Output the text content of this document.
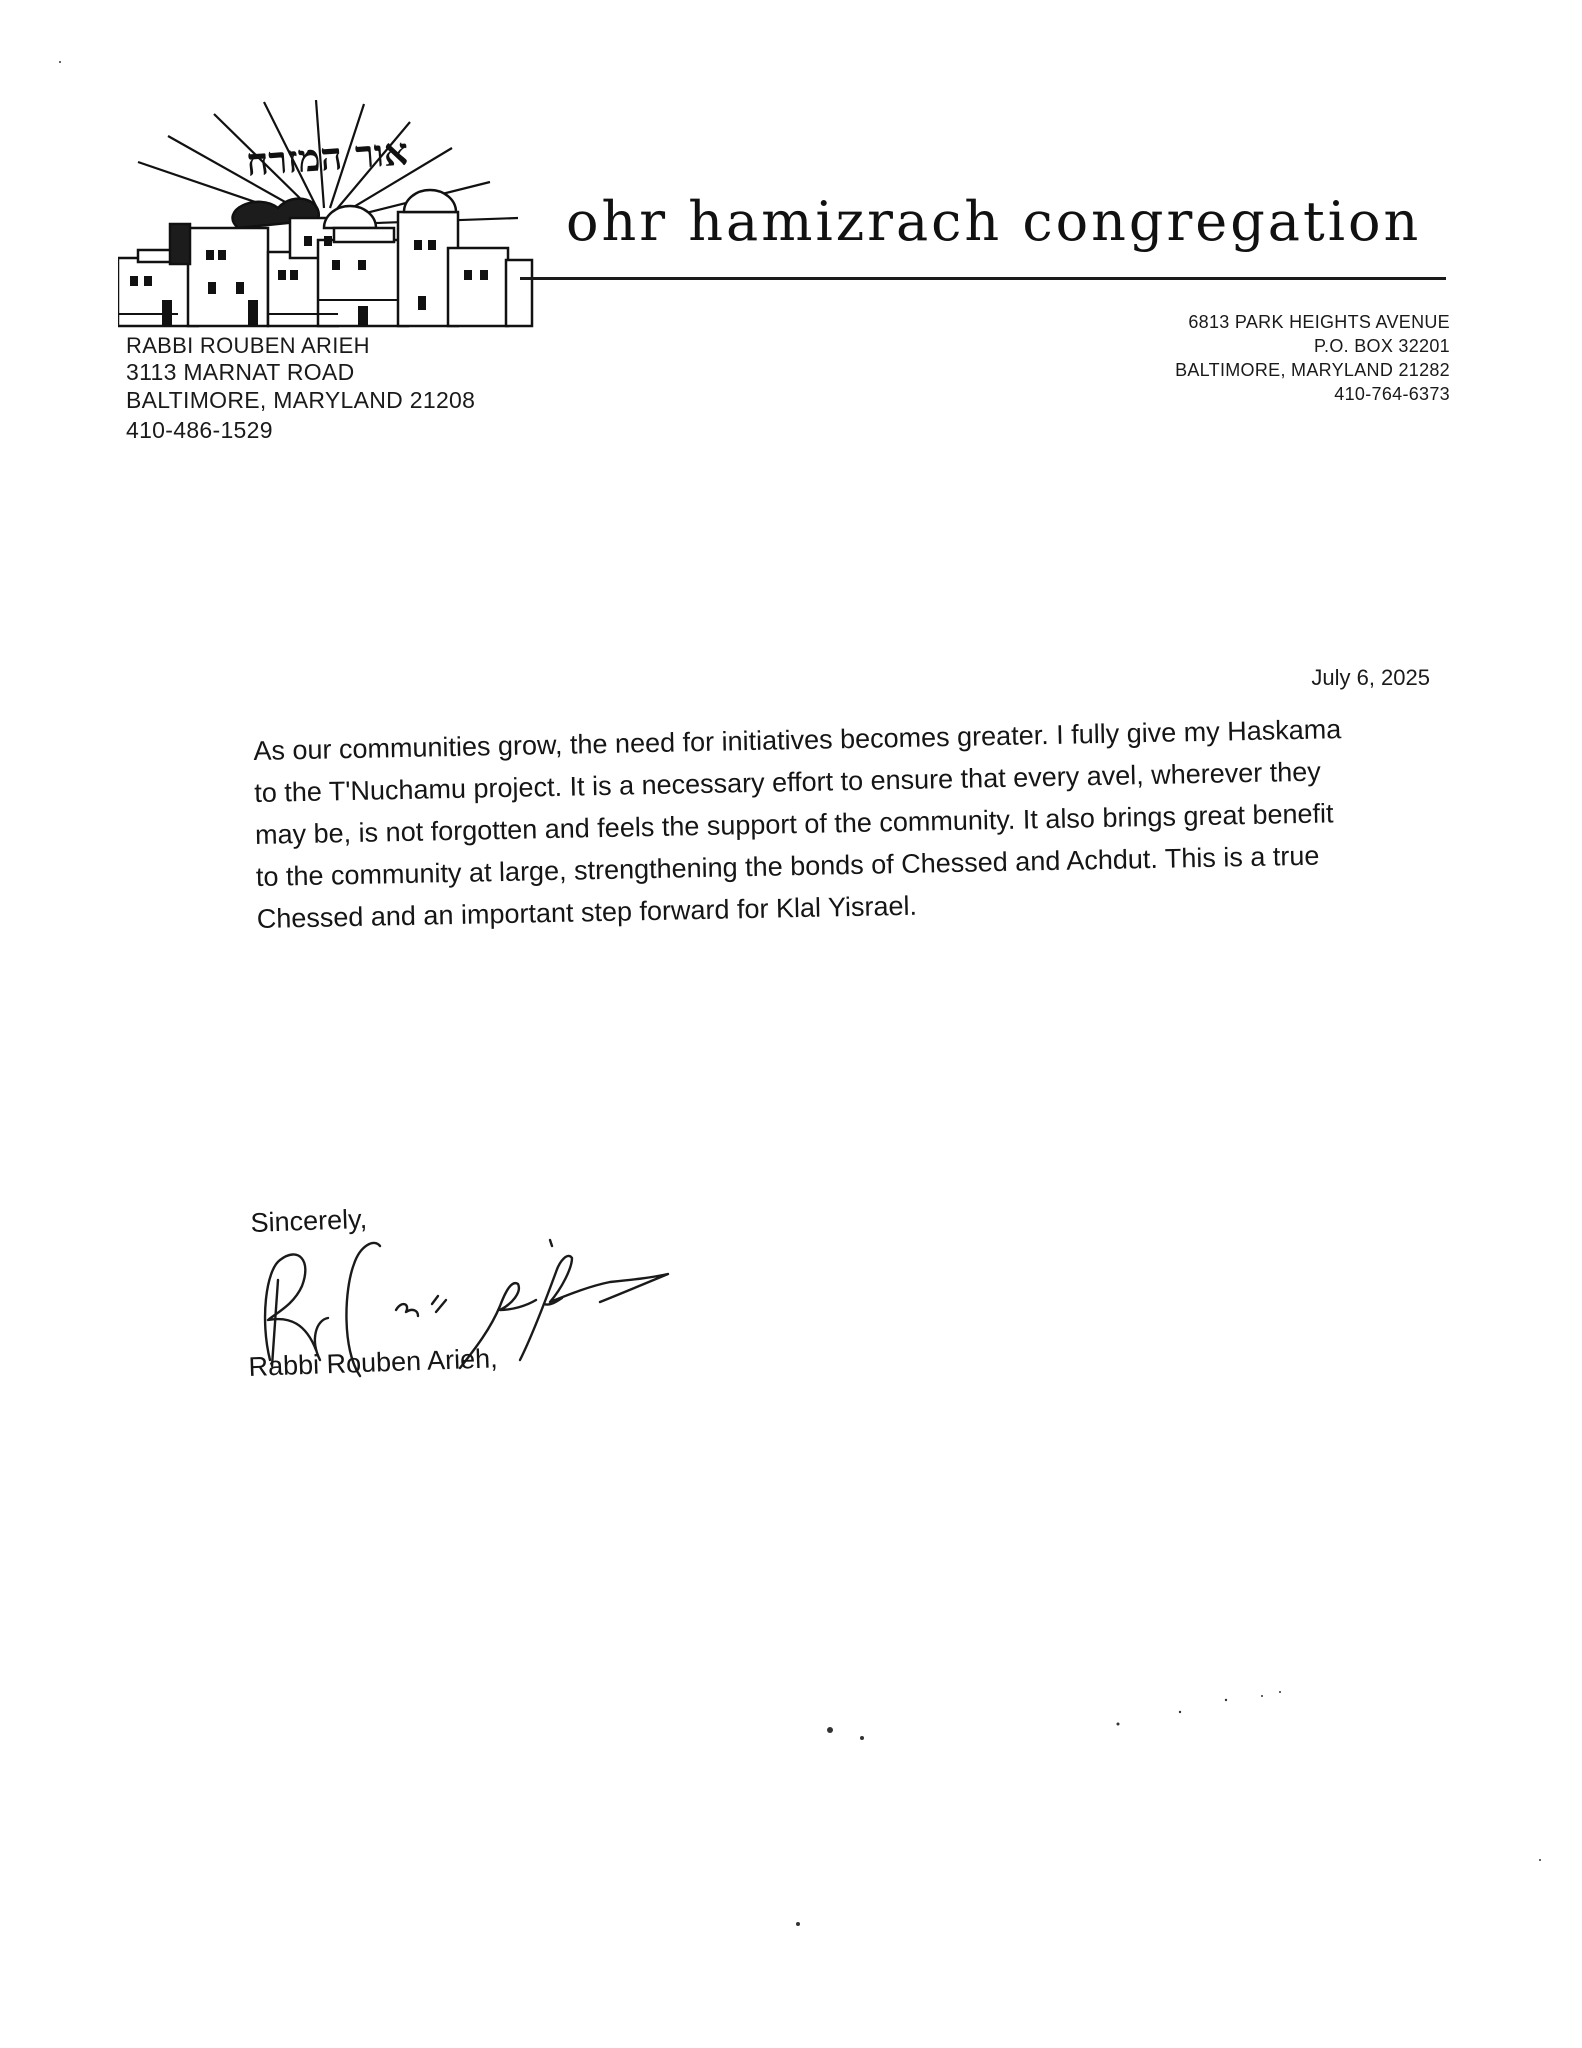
אור המזרח
ohr hamizrach congregation
RABBI ROUBEN ARIEH
3113 MARNAT ROAD
BALTIMORE, MARYLAND 21208
410-486-1529
6813 PARK HEIGHTS AVENUE
P.O. BOX 32201
BALTIMORE, MARYLAND 21282
410-764-6373
July 6, 2025
As our communities grow, the need for initiatives becomes greater. I fully give my Haskama
to the T'Nuchamu project. It is a necessary effort to ensure that every avel, wherever they
may be, is not forgotten and feels the support of the community. It also brings great benefit
to the community at large, strengthening the bonds of Chessed and Achdut. This is a true
Chessed and an important step forward for Klal Yisrael.
Sincerely,
Rabbi Rouben Arieh,
